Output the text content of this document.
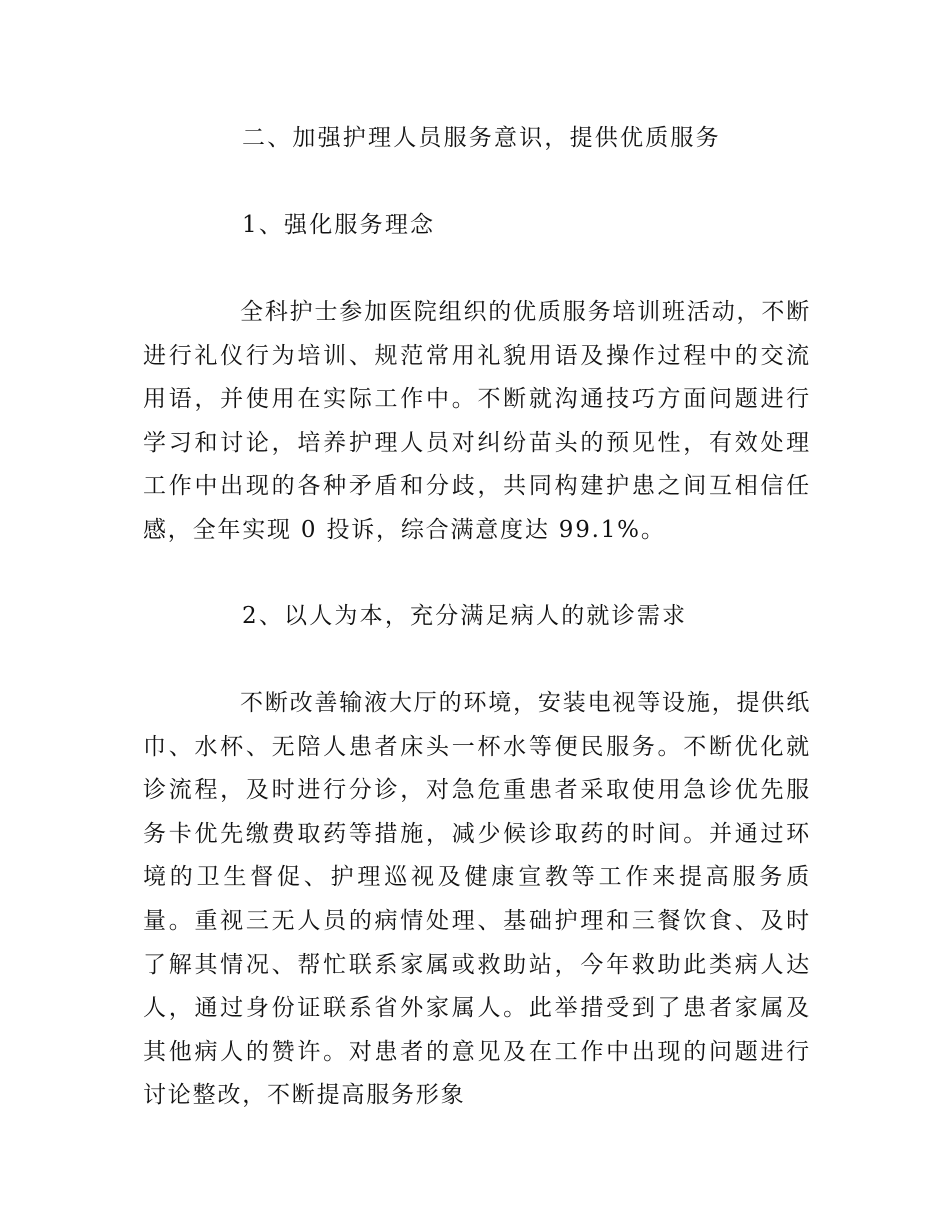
二、加强护理人员服务意识，提供优质服务
1、强化服务理念

全科护士参加医院组织的优质服务培训班活动，不断进行礼仪行为培训、规范常用礼貌用语及操作过程中的交流用语，并使用在实际工作中。不断就沟通技巧方面问题进行学习和讨论，培养护理人员对纠纷苗头的预见性，有效处理工作中出现的各种矛盾和分歧，共同构建护患之间互相信任感，全年实现 0 投诉，综合满意度达 99.1%。

2、以人为本，充分满足病人的就诊需求

不断改善输液大厅的环境，安装电视等设施，提供纸巾、水杯、无陪人患者床头一杯水等便民服务。不断优化就诊流程，及时进行分诊，对急危重患者采取使用急诊优先服务卡优先缴费取药等措施，减少候诊取药的时间。并通过环境的卫生督促、护理巡视及健康宣教等工作来提高服务质量。重视三无人员的病情处理、基础护理和三餐饮食、及时了解其情况、帮忙联系家属或救助站，今年救助此类病人达人，通过身份证联系省外家属人。此举措受到了患者家属及其他病人的赞许。对患者的意见及在工作中出现的问题进行讨论整改，不断提高服务形象
